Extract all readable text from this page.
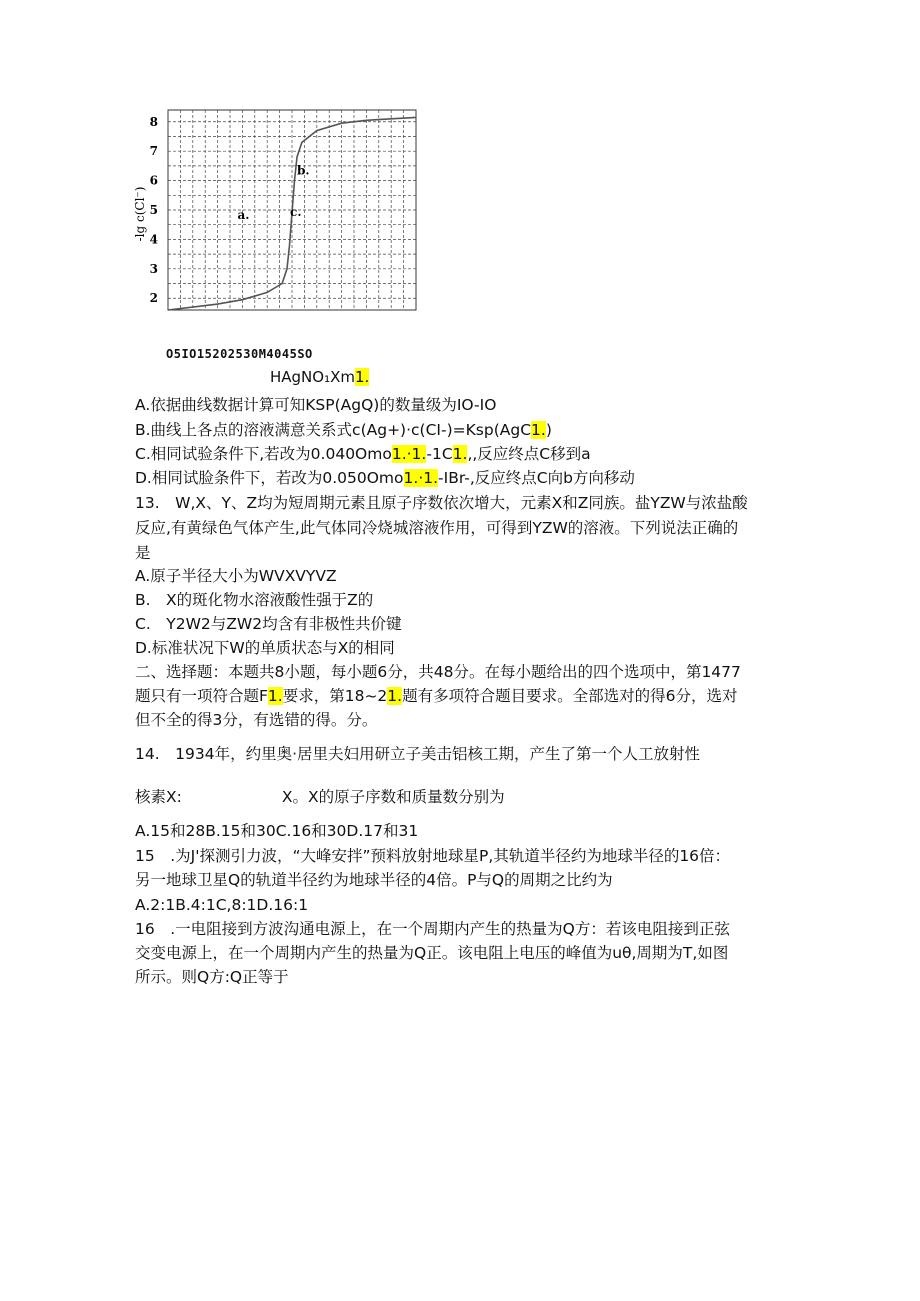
2
3
4
5
6
7
8
-lg c(Cl⁻)	a.
b.
c.
O5IO15202530M4045SO
HAgNO₁Xm1.
A.依据曲线数据计算可知KSP(AgQ)的数量级为IO-IO
B.曲线上各点的溶液满意关系式c(Ag+)·c(CI-)=Ksp(AgC1.)
C.相同试验条件下,若改为0.040Omo1.·1.-1C1.,,反应终点C移到a
D.相同试脸条件下，若改为0.050Omo1.·1.-IBr-,反应终点C向b方向移动
13.　W,X、Y、Z均为短周期元素且原子序数依次增大，元素X和Z同族。盐YZW与浓盐酸
反应,有黄绿色气体产生,此气体同冷烧城溶液作用，可得到YZW的溶液。下列说法正确的
是
A.原子半径大小为WVXVYVZ
B.　X的斑化物水溶液酸性强于Z的
C.　Y2W2与ZW2均含有非极性共价键
D.标准状况下W的单质状态与X的相同
二、选择题：本题共8小题，每小题6分，共48分。在每小题给出的四个选项中，第1477
题只有一项符合题F1.要求，第18~21.题有多项符合题目要求。全部选对的得6分，选对
但不全的得3分，有选错的得。分。
14.　1934年，约里奥·居里夫妇用研立子美击铝核工期，产生了第一个人工放射性
核素X:	X。X的原子序数和质量数分别为
A.15和28B.15和30C.16和30D.17和31
15　.为J'探测引力波，“大峰安拌”预料放射地球星P,其轨道半径约为地球半径的16倍：
另一地球卫星Q的轨道半径约为地球半径的4倍。P与Q的周期之比约为
A.2:1B.4:1C,8:1D.16:1
16　.一电阻接到方波沟通电源上，在一个周期内产生的热量为Q方：若该电阻接到正弦
交变电源上，在一个周期内产生的热量为Q正。该电阻上电压的峰值为uθ,周期为T,如图
所示。则Q方:Q正等于
